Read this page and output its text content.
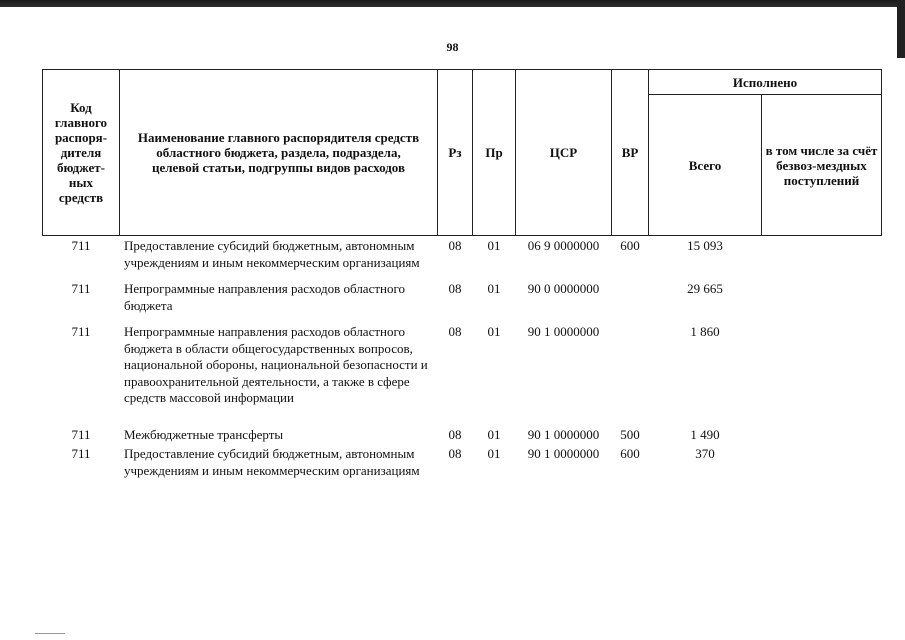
98
Код главного распоря-дителя бюджет-ных средств	Наименование главного распорядителя средств областного бюджета, раздела, подраздела, целевой статьи, подгруппы видов расходов	Рз	Пр	ЦСР	ВР	Исполнено	
						Всего	в том числе за счёт безвоз-мездных поступлений
711	Предоставление субсидий бюджетным, автономным учреждениям и иным некоммерческим организациям	08	01	06 9 0000000	600	15 093	
711	Непрограммные направления расходов областного бюджета	08	01	90 0 0000000		29 665	
711	Непрограммные направления расходов областного бюджета в области общегосударственных вопросов, национальной обороны, национальной безопасности и правоохранительной деятельности, а также в сфере средств массовой информации	08	01	90 1 0000000		1 860	
711	Межбюджетные трансферты	08	01	90 1 0000000	500	1 490	
711	Предоставление субсидий бюджетным, автономным учреждениям и иным некоммерческим организациям	08	01	90 1 0000000	600	370	
